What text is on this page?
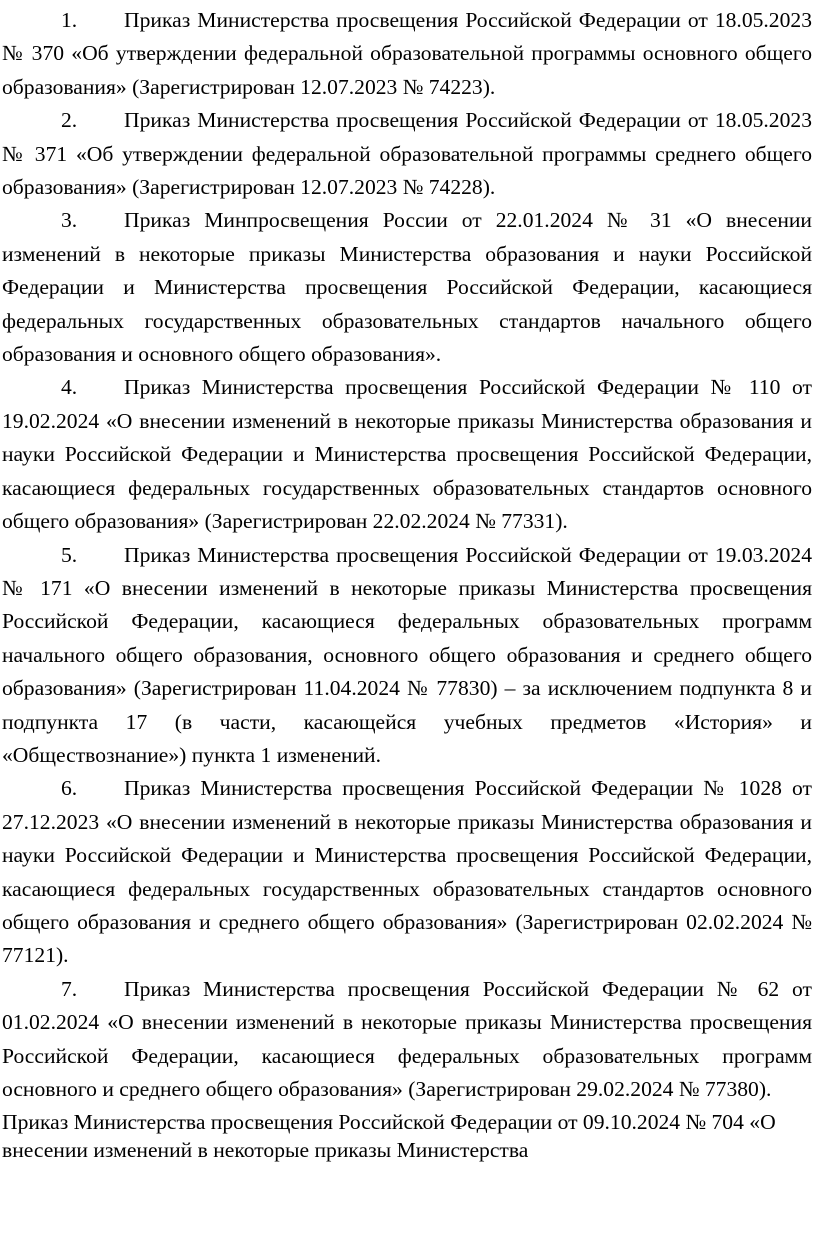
1. Приказ Министерства просвещения Российской Федерации от 18.05.2023 № 370 «Об утверждении федеральной образовательной программы основного общего образования» (Зарегистрирован 12.07.2023 № 74223).

2. Приказ Министерства просвещения Российской Федерации от 18.05.2023 № 371 «Об утверждении федеральной образовательной программы среднего общего образования» (Зарегистрирован 12.07.2023 № 74228).

3. Приказ Минпросвещения России от 22.01.2024 № 31 «О внесении изменений в некоторые приказы Министерства образования и науки Российской Федерации и Министерства просвещения Российской Федерации, касающиеся федеральных государственных образовательных стандартов начального общего образования и основного общего образования».

4. Приказ Министерства просвещения Российской Федерации № 110 от 19.02.2024 «О внесении изменений в некоторые приказы Министерства образования и науки Российской Федерации и Министерства просвещения Российской Федерации, касающиеся федеральных государственных образовательных стандартов основного общего образования» (Зарегистрирован 22.02.2024 № 77331).

5. Приказ Министерства просвещения Российской Федерации от 19.03.2024 № 171 «О внесении изменений в некоторые приказы Министерства просвещения Российской Федерации, касающиеся федеральных образовательных программ начального общего образования, основного общего образования и среднего общего образования» (Зарегистрирован 11.04.2024 № 77830) – за исключением подпункта 8 и подпункта 17 (в части, касающейся учебных предметов «История» и «Обществознание») пункта 1 изменений.

6. Приказ Министерства просвещения Российской Федерации № 1028 от 27.12.2023 «О внесении изменений в некоторые приказы Министерства образования и науки Российской Федерации и Министерства просвещения Российской Федерации, касающиеся федеральных государственных образовательных стандартов основного общего образования и среднего общего образования» (Зарегистрирован 02.02.2024 № 77121).

7. Приказ Министерства просвещения Российской Федерации № 62 от 01.02.2024 «О внесении изменений в некоторые приказы Министерства просвещения Российской Федерации, касающиеся федеральных образовательных программ основного и среднего общего образования» (Зарегистрирован 29.02.2024 № 77380).

Приказ Министерства просвещения Российской Федерации от 09.10.2024 № 704 «О внесении изменений в некоторые приказы Министерства
